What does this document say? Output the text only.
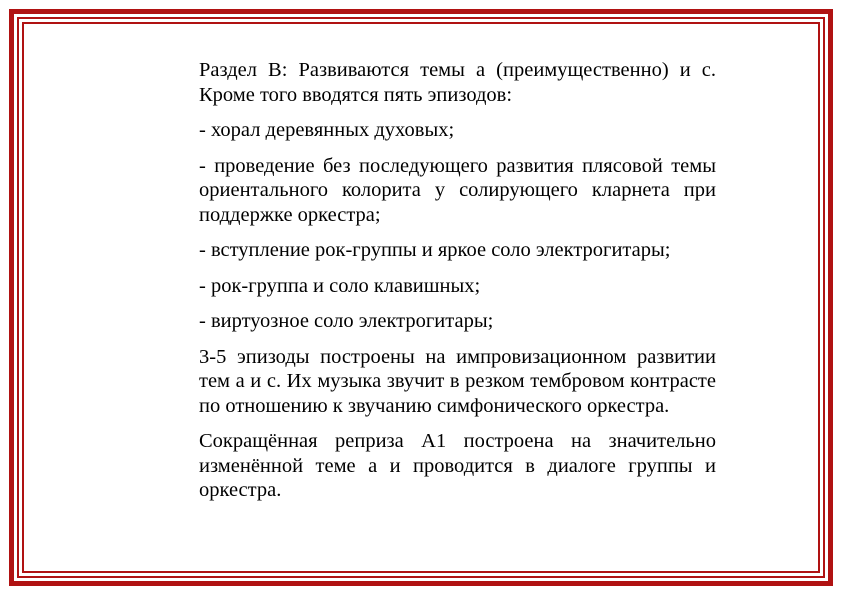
Раздел В: Развиваются темы а (преимущественно) и с. Кроме того вводятся пять эпизодов:

- хорал деревянных духовых;

- проведение без последующего развития плясовой темы ориентального колорита у солирующего кларнета при поддержке оркестра;

- вступление рок-группы и яркое соло электрогитары;

- рок-группа и соло клавишных;

- виртуозное соло электрогитары;

3-5 эпизоды построены на импровизационном развитии тем а и с. Их музыка звучит в резком тембровом контрасте по отношению к звучанию симфонического оркестра.

Сокращённая реприза А1 построена на значительно изменённой теме а и проводится в диалоге группы и оркестра.
